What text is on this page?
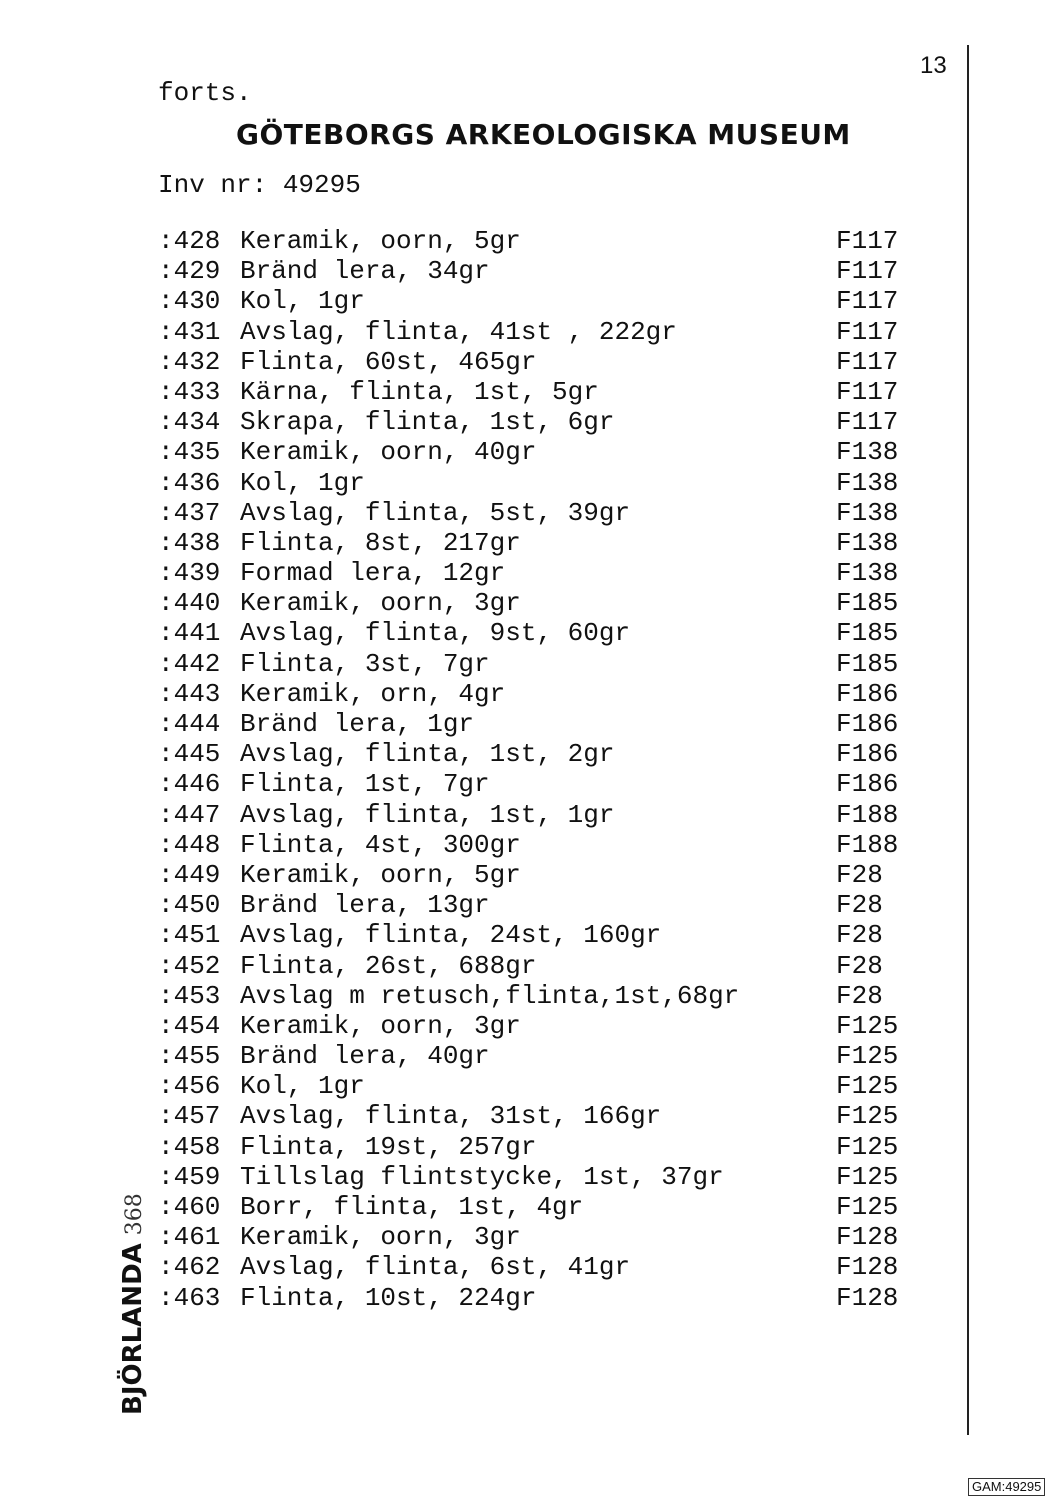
13
forts.
GÖTEBORGS ARKEOLOGISKA MUSEUM
Inv nr: 49295
:428 Keramik, oorn, 5gr	F117
:429 Bränd lera, 34gr	F117
:430 Kol, 1gr	F117
:431 Avslag, flinta, 41st , 222gr	F117
:432 Flinta, 60st, 465gr	F117
:433 Kärna, flinta, 1st, 5gr	F117
:434 Skrapa, flinta, 1st, 6gr	F117
:435 Keramik, oorn, 40gr	F138
:436 Kol, 1gr	F138
:437 Avslag, flinta, 5st, 39gr	F138
:438 Flinta, 8st, 217gr	F138
:439 Formad lera, 12gr	F138
:440 Keramik, oorn, 3gr	F185
:441 Avslag, flinta, 9st, 60gr	F185
:442 Flinta, 3st, 7gr	F185
:443 Keramik, orn, 4gr	F186
:444 Bränd lera, 1gr	F186
:445 Avslag, flinta, 1st, 2gr	F186
:446 Flinta, 1st, 7gr	F186
:447 Avslag, flinta, 1st, 1gr	F188
:448 Flinta, 4st, 300gr	F188
:449 Keramik, oorn, 5gr	F28
:450 Bränd lera, 13gr	F28
:451 Avslag, flinta, 24st, 160gr	F28
:452 Flinta, 26st, 688gr	F28
:453 Avslag m retusch,flinta,1st,68gr	F28
:454 Keramik, oorn, 3gr	F125
:455 Bränd lera, 40gr	F125
:456 Kol, 1gr	F125
:457 Avslag, flinta, 31st, 166gr	F125
:458 Flinta, 19st, 257gr	F125
:459 Tillslag flintstycke, 1st, 37gr	F125
:460 Borr, flinta, 1st, 4gr	F125
:461 Keramik, oorn, 3gr	F128
:462 Avslag, flinta, 6st, 41gr	F128
:463 Flinta, 10st, 224gr	F128
BJÖRLANDA368
GAM:49295
